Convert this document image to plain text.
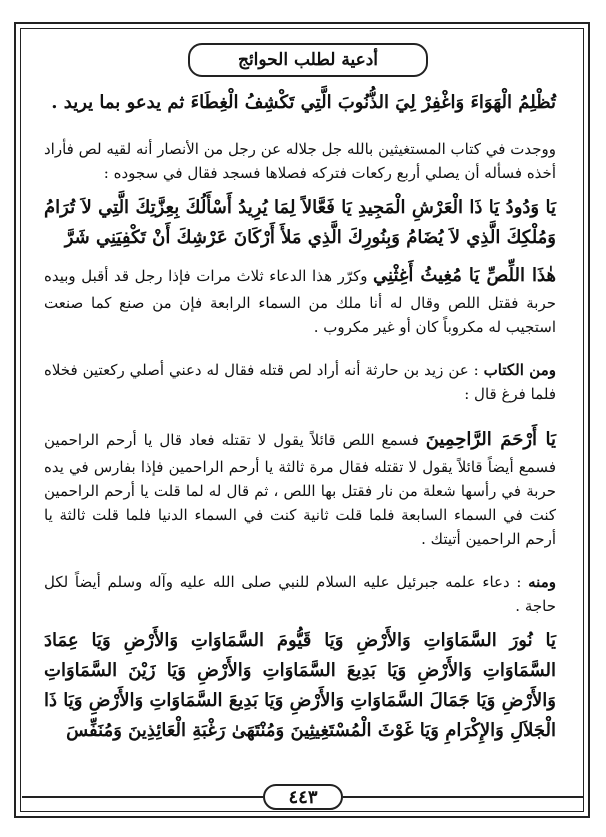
أدعية لطلب الحوائج

تُظْلِمُ الْهَوَاءَ وَاغْفِرْ لِيَ الذُّنُوبَ الَّتِي تَكْشِفُ الْغِطَاءَ ثم يدعو بما يريد .

ووجدت في كتاب المستغيثين بالله جل جلاله عن رجل من الأنصار أنه لقيه لص فأراد أخذه فسأله أن يصلي أربع ركعات فتركه فصلاها فسجد فقال في سجوده :

يَا وَدُودُ يَا ذَا الْعَرْشِ الْمَجِيدِ يَا فَعَّالاً لِمَا يُرِيدُ أَسْأَلُكَ بِعِزَّتِكَ الَّتِي لاَ تُرَامُ وَمُلْكِكَ الَّذِي لاَ يُضَامُ وَبِنُورِكَ الَّذِي مَلأَ أَرْكَانَ عَرْشِكَ أَنْ تَكْفِيَنِي شَرَّ

هٰذَا اللِّصِّ يَا مُغِيثُ أَغِثْنِي وكرّر هذا الدعاء ثلاث مرات فإذا رجل قد أقبل وبيده حربة فقتل اللص وقال له أنا ملك من السماء الرابعة فإن من صنع كما صنعت استجيب له مكروباً كان أو غير مكروب .

ومن الكتاب : عن زيد بن حارثة أنه أراد لص قتله فقال له دعني أصلي ركعتين فخلاه فلما فرغ قال :

يَا أَرْحَمَ الرَّاحِمِينَ فسمع اللص قائلاً يقول لا تقتله فعاد قال يا أرحم الراحمين فسمع أيضاً قائلاً يقول لا تقتله فقال مرة ثالثة يا أرحم الراحمين فإذا بفارس في يده حربة في رأسها شعلة من نار فقتل بها اللص ، ثم قال له لما قلت يا أرحم الراحمين كنت في السماء السابعة فلما قلت ثانية كنت في السماء الدنيا فلما قلت ثالثة يا أرحم الراحمين أتيتك .

ومنه : دعاء علمه جبرئيل عليه السلام للنبي صلى الله عليه وآله وسلم أيضاً لكل حاجة .

يَا نُورَ السَّمَاوَاتِ وَالأَرْضِ وَيَا قَيُّومَ السَّمَاوَاتِ وَالأَرْضِ وَيَا عِمَادَ السَّمَاوَاتِ وَالأَرْضِ وَيَا بَدِيعَ السَّمَاوَاتِ وَالأَرْضِ وَيَا زَيْنَ السَّمَاوَاتِ وَالأَرْضِ وَيَا جَمَالَ السَّمَاوَاتِ وَالأَرْضِ وَيَا بَدِيعَ السَّمَاوَاتِ وَالأَرْضِ وَيَا ذَا الْجَلاَلِ وَالإِكْرَامِ وَيَا غَوْثَ الْمُسْتَغِيثِينَ وَمُنْتَهَىٰ رَغْبَةِ الْعَائِذِينَ وَمُنَفِّسَ

٤٤٣
